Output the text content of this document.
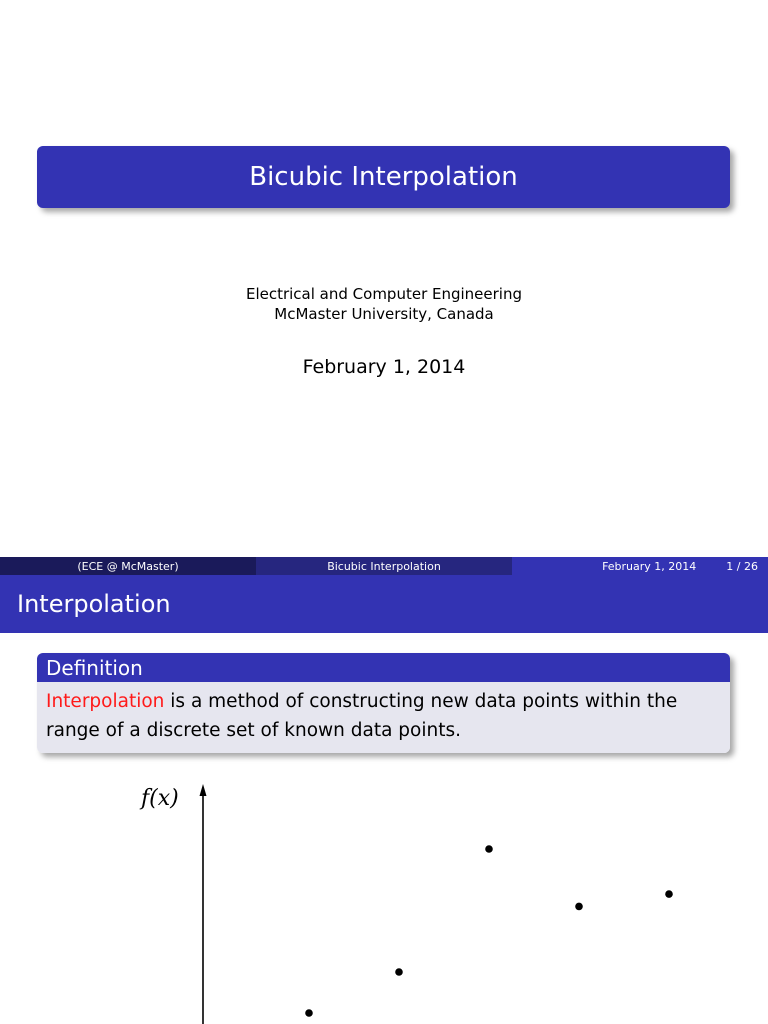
Bicubic Interpolation
Electrical and Computer Engineering
McMaster University, Canada
February 1, 2014
(ECE @ McMaster)	Bicubic Interpolation	February 1, 2014	1 / 26
Interpolation
Definition
Interpolation is a method of constructing new data points within the range of a discrete set of known data points.
f(x)
